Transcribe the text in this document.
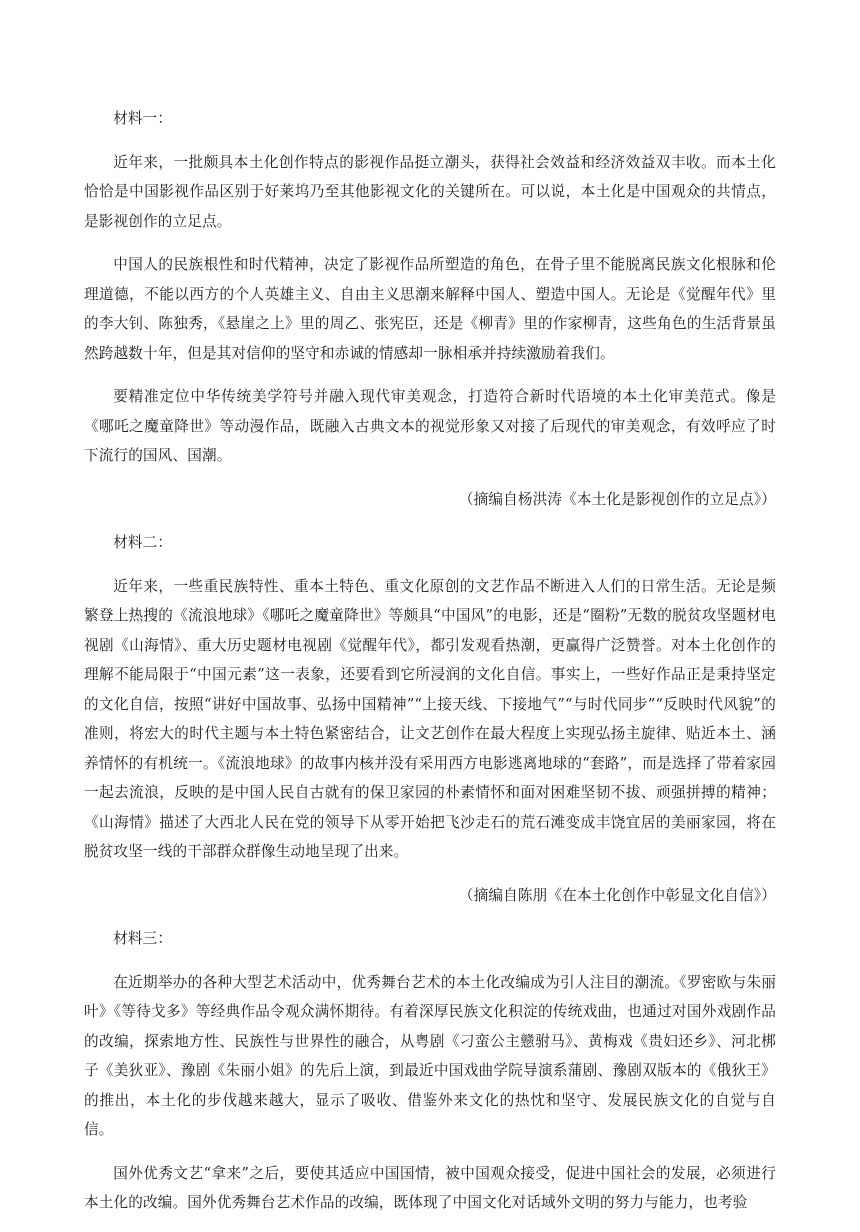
材料一：

近年来，一批颇具本土化创作特点的影视作品挺立潮头，获得社会效益和经济效益双丰收。而本土化恰恰是中国影视作品区别于好莱坞乃至其他影视文化的关键所在。可以说，本土化是中国观众的共情点，是影视创作的立足点。

中国人的民族根性和时代精神，决定了影视作品所塑造的角色，在骨子里不能脱离民族文化根脉和伦理道德，不能以西方的个人英雄主义、自由主义思潮来解释中国人、塑造中国人。无论是《觉醒年代》里的李大钊、陈独秀，《悬崖之上》里的周乙、张宪臣，还是《柳青》里的作家柳青，这些角色的生活背景虽然跨越数十年，但是其对信仰的坚守和赤诚的情感却一脉相承并持续激励着我们。

要精准定位中华传统美学符号并融入现代审美观念，打造符合新时代语境的本土化审美范式。像是《哪吒之魔童降世》等动漫作品，既融入古典文本的视觉形象又对接了后现代的审美观念，有效呼应了时下流行的国风、国潮。

（摘编自杨洪涛《本土化是影视创作的立足点》）

材料二：

近年来，一些重民族特性、重本土特色、重文化原创的文艺作品不断进入人们的日常生活。无论是频繁登上热搜的《流浪地球》《哪吒之魔童降世》等颇具“中国风”的电影，还是“圈粉”无数的脱贫攻坚题材电视剧《山海情》、重大历史题材电视剧《觉醒年代》，都引发观看热潮，更赢得广泛赞誉。对本土化创作的理解不能局限于“中国元素”这一表象，还要看到它所浸润的文化自信。事实上，一些好作品正是秉持坚定的文化自信，按照“讲好中国故事、弘扬中国精神”“上接天线、下接地气”“与时代同步”“反映时代风貌”的准则，将宏大的时代主题与本土特色紧密结合，让文艺创作在最大程度上实现弘扬主旋律、贴近本土、涵养情怀的有机统一。《流浪地球》的故事内核并没有采用西方电影逃离地球的“套路”，而是选择了带着家园一起去流浪，反映的是中国人民自古就有的保卫家园的朴素情怀和面对困难坚韧不拔、顽强拼搏的精神；《山海情》描述了大西北人民在党的领导下从零开始把飞沙走石的荒石滩变成丰饶宜居的美丽家园，将在脱贫攻坚一线的干部群众群像生动地呈现了出来。

（摘编自陈朋《在本土化创作中彰显文化自信》）

材料三：

在近期举办的各种大型艺术活动中，优秀舞台艺术的本土化改编成为引人注目的潮流。《罗密欧与朱丽叶》《等待戈多》等经典作品令观众满怀期待。有着深厚民族文化积淀的传统戏曲，也通过对国外戏剧作品的改编，探索地方性、民族性与世界性的融合，从粤剧《刁蛮公主戆驸马》、黄梅戏《贵妇还乡》、河北梆子《美狄亚》、豫剧《朱丽小姐》的先后上演，到最近中国戏曲学院导演系蒲剧、豫剧双版本的《俄狄王》的推出，本土化的步伐越来越大，显示了吸收、借鉴外来文化的热忱和坚守、发展民族文化的自觉与自信。

国外优秀文艺“拿来”之后，要使其适应中国国情，被中国观众接受，促进中国社会的发展，必须进行本土化的改编。国外优秀舞台艺术作品的改编，既体现了中国文化对话域外文明的努力与能力，也考验
